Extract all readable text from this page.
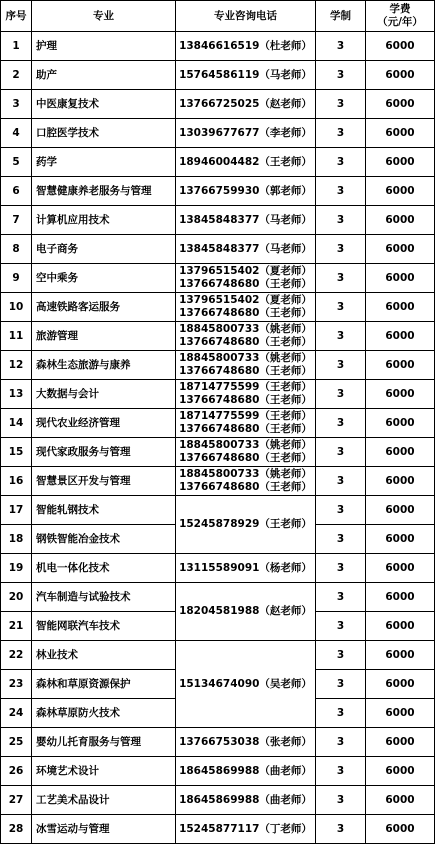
序号	专业	专业咨询电话	学制	学费
（元/年）

1	护理	13846616519（杜老师）	3	6000
2	助产	15764586119（马老师）	3	6000
3	中医康复技术	13766725025（赵老师）	3	6000
4	口腔医学技术	13039677677（李老师）	3	6000
5	药学	18946004482（王老师）	3	6000
6	智慧健康养老服务与管理	13766759930（郭老师）	3	6000
7	计算机应用技术	13845848377（马老师）	3	6000
8	电子商务	13845848377（马老师）	3	6000
9	空中乘务	13796515402（夏老师）
13766748680（王老师）	3	6000
10	高速铁路客运服务	13796515402（夏老师）
13766748680（王老师）	3	6000
11	旅游管理	18845800733（姚老师）
13766748680（王老师）	3	6000
12	森林生态旅游与康养	18845800733（姚老师）
13766748680（王老师）	3	6000
13	大数据与会计	18714775599（王老师）
13766748680（王老师）	3	6000
14	现代农业经济管理	18714775599（王老师）
13766748680（王老师）	3	6000
15	现代家政服务与管理	18845800733（姚老师）
13766748680（王老师）	3	6000
16	智慧景区开发与管理	18845800733（姚老师）
13766748680（王老师）	3	6000
17	智能轧钢技术	15245878929（王老师）	3	6000
18	钢铁智能冶金技术		3	6000
19	机电一体化技术	13115589091（杨老师）	3	6000
20	汽车制造与试验技术	18204581988（赵老师）	3	6000
21	智能网联汽车技术		3	6000
22	林业技术	15134674090（吴老师）	3	6000
23	森林和草原资源保护		3	6000
24	森林草原防火技术		3	6000
25	婴幼儿托育服务与管理	13766753038（张老师）	3	6000
26	环境艺术设计	18645869988（曲老师）	3	6000
27	工艺美术品设计	18645869988（曲老师）	3	6000
28	冰雪运动与管理	15245877117（丁老师）	3	6000
